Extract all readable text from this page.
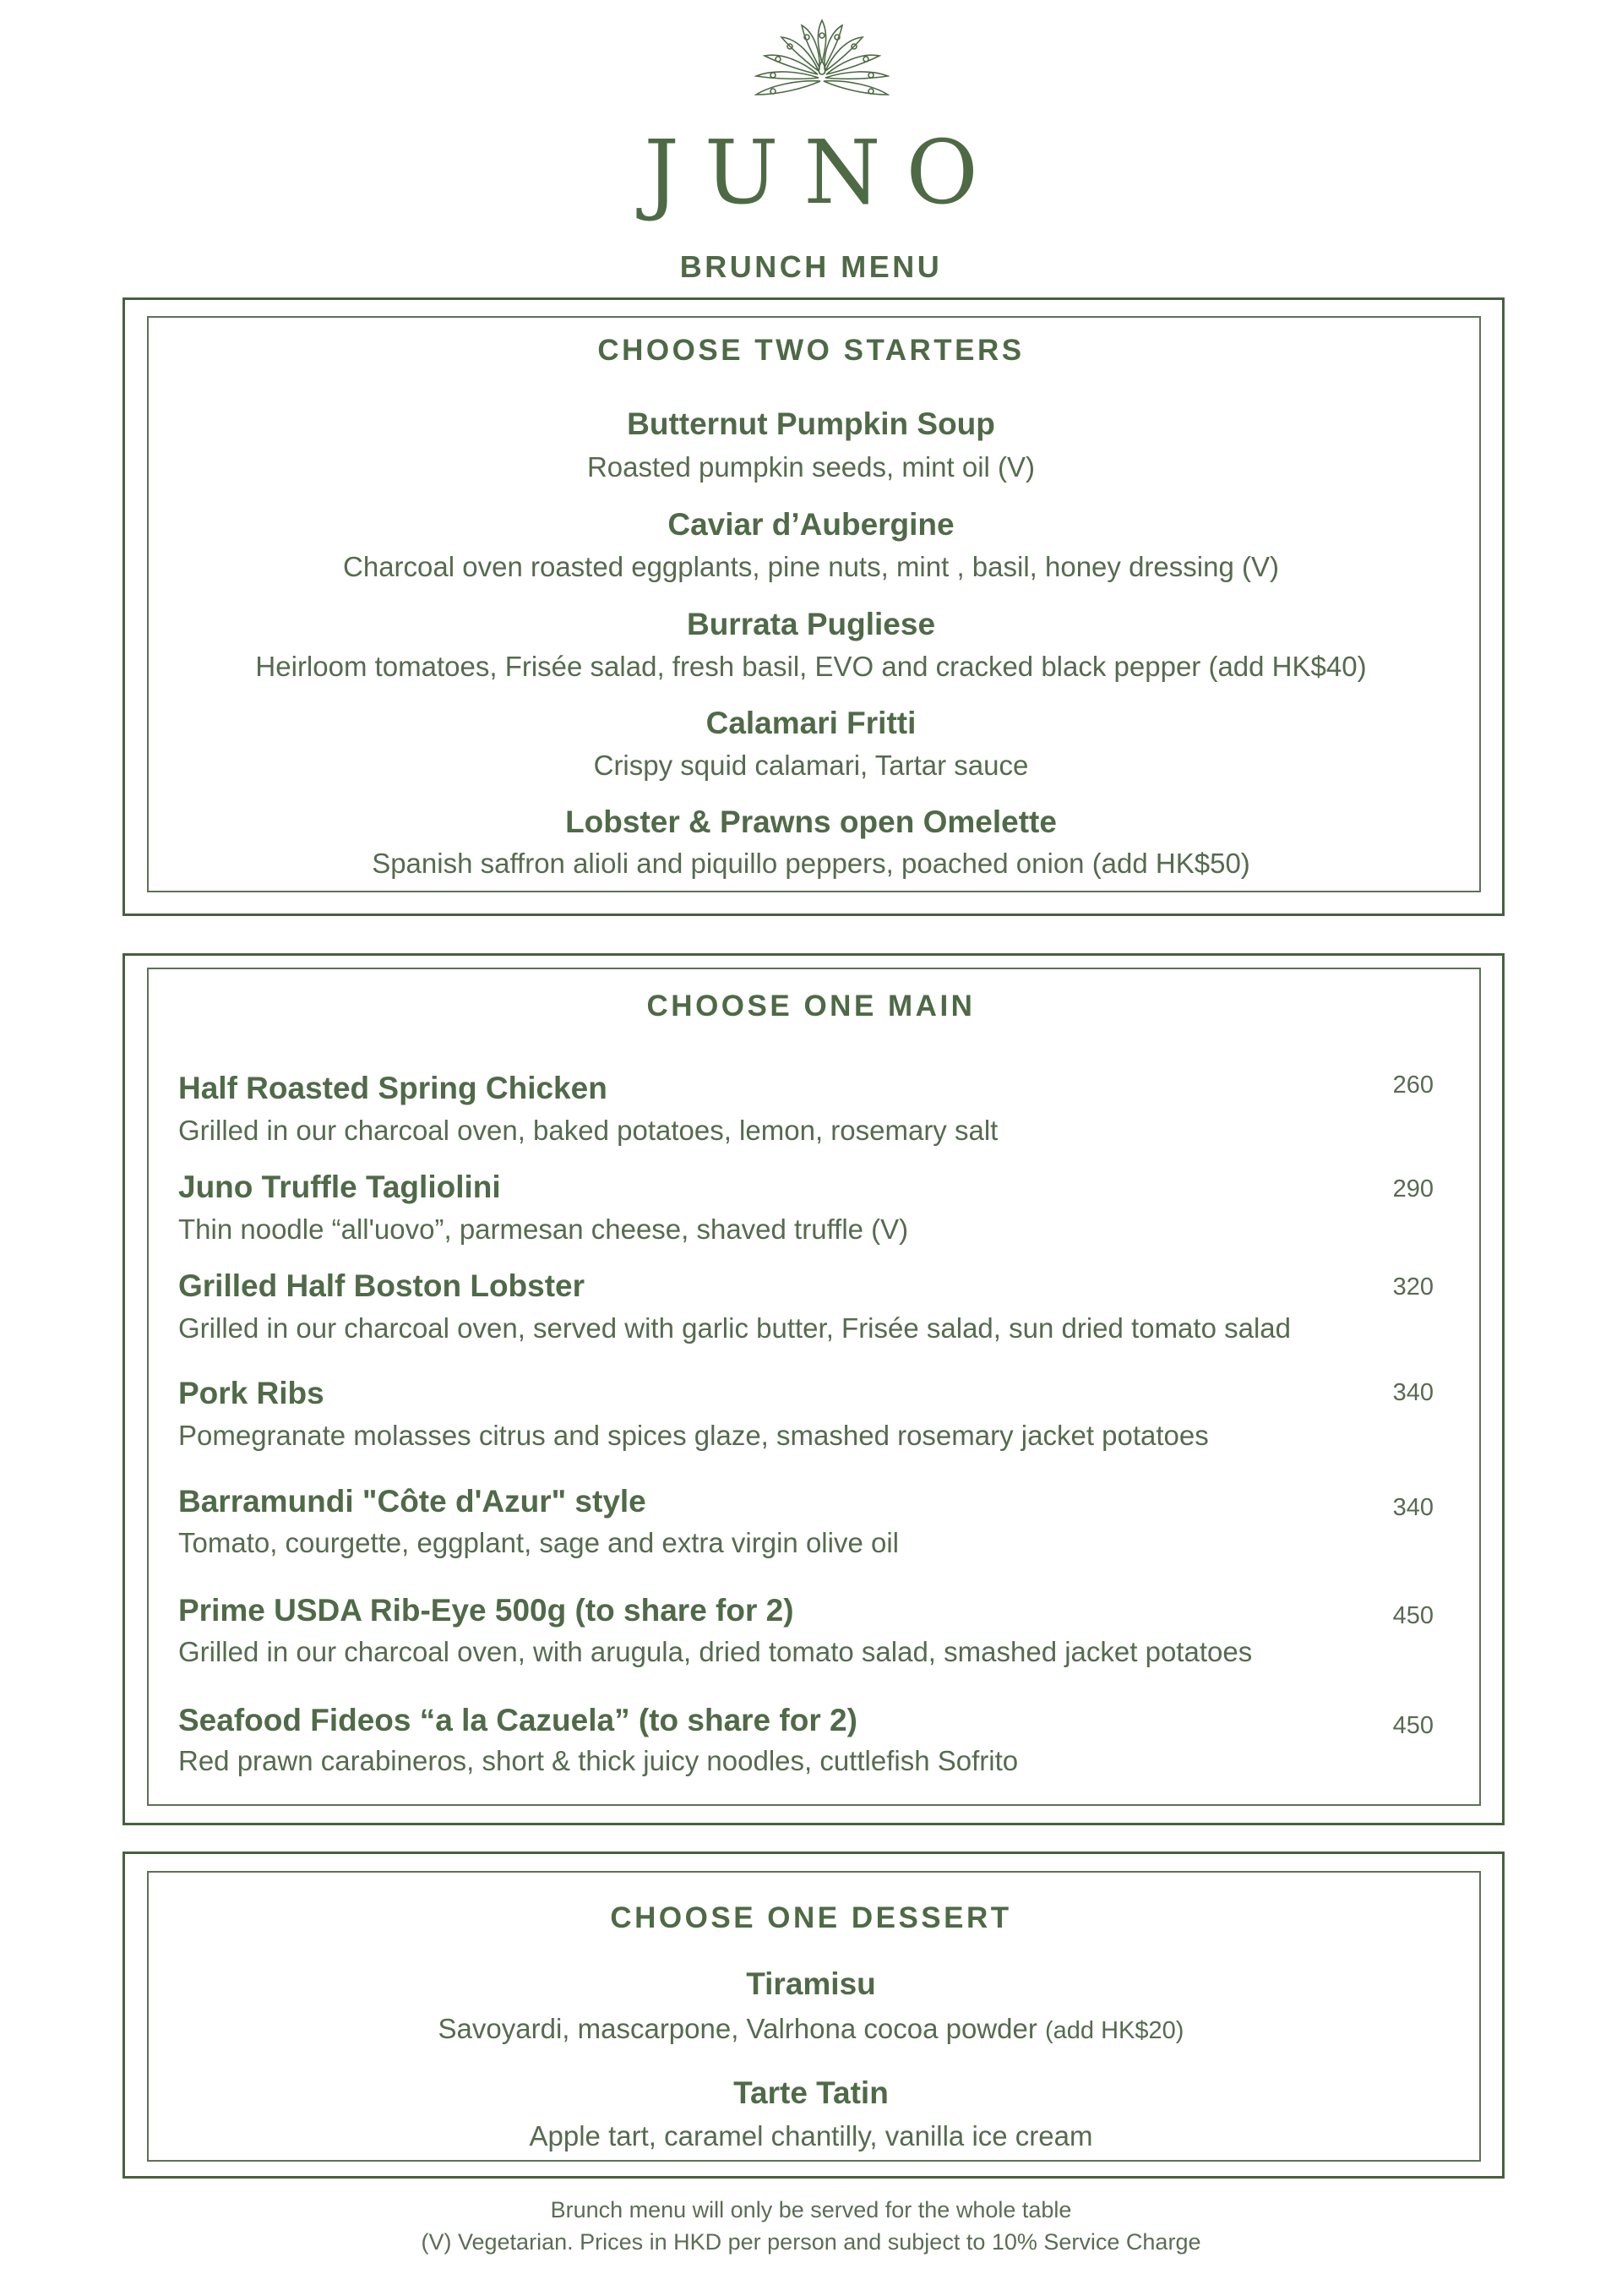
JUNO
BRUNCH MENU
CHOOSE TWO STARTERS
Butternut Pumpkin Soup
Roasted pumpkin seeds, mint oil (V)
Caviar d’Aubergine
Charcoal oven roasted eggplants, pine nuts, mint , basil, honey dressing (V)
Burrata Pugliese
Heirloom tomatoes, Frisée salad, fresh basil, EVO and cracked black pepper (add HK$40)
Calamari Fritti
Crispy squid calamari, Tartar sauce
Lobster & Prawns open Omelette
Spanish saffron alioli and piquillo peppers, poached onion (add HK$50)
CHOOSE ONE MAIN
Half Roasted Spring Chicken	260
Grilled in our charcoal oven, baked potatoes, lemon, rosemary salt
Juno Truffle Tagliolini	290
Thin noodle “all'uovo”, parmesan cheese, shaved truffle (V)
Grilled Half Boston Lobster	320
Grilled in our charcoal oven, served with garlic butter, Frisée salad, sun dried tomato salad
Pork Ribs	340
Pomegranate molasses citrus and spices glaze, smashed rosemary jacket potatoes
Barramundi "Côte d'Azur" style	340
Tomato, courgette, eggplant, sage and extra virgin olive oil
Prime USDA Rib-Eye 500g (to share for 2)	450
Grilled in our charcoal oven, with arugula, dried tomato salad, smashed jacket potatoes
Seafood Fideos “a la Cazuela” (to share for 2)	450
Red prawn carabineros, short & thick juicy noodles, cuttlefish Sofrito
CHOOSE ONE DESSERT
Tiramisu
Savoyardi, mascarpone, Valrhona cocoa powder (add HK$20)
Tarte Tatin
Apple tart, caramel chantilly, vanilla ice cream
Brunch menu will only be served for the whole table
(V) Vegetarian. Prices in HKD per person and subject to 10% Service Charge
